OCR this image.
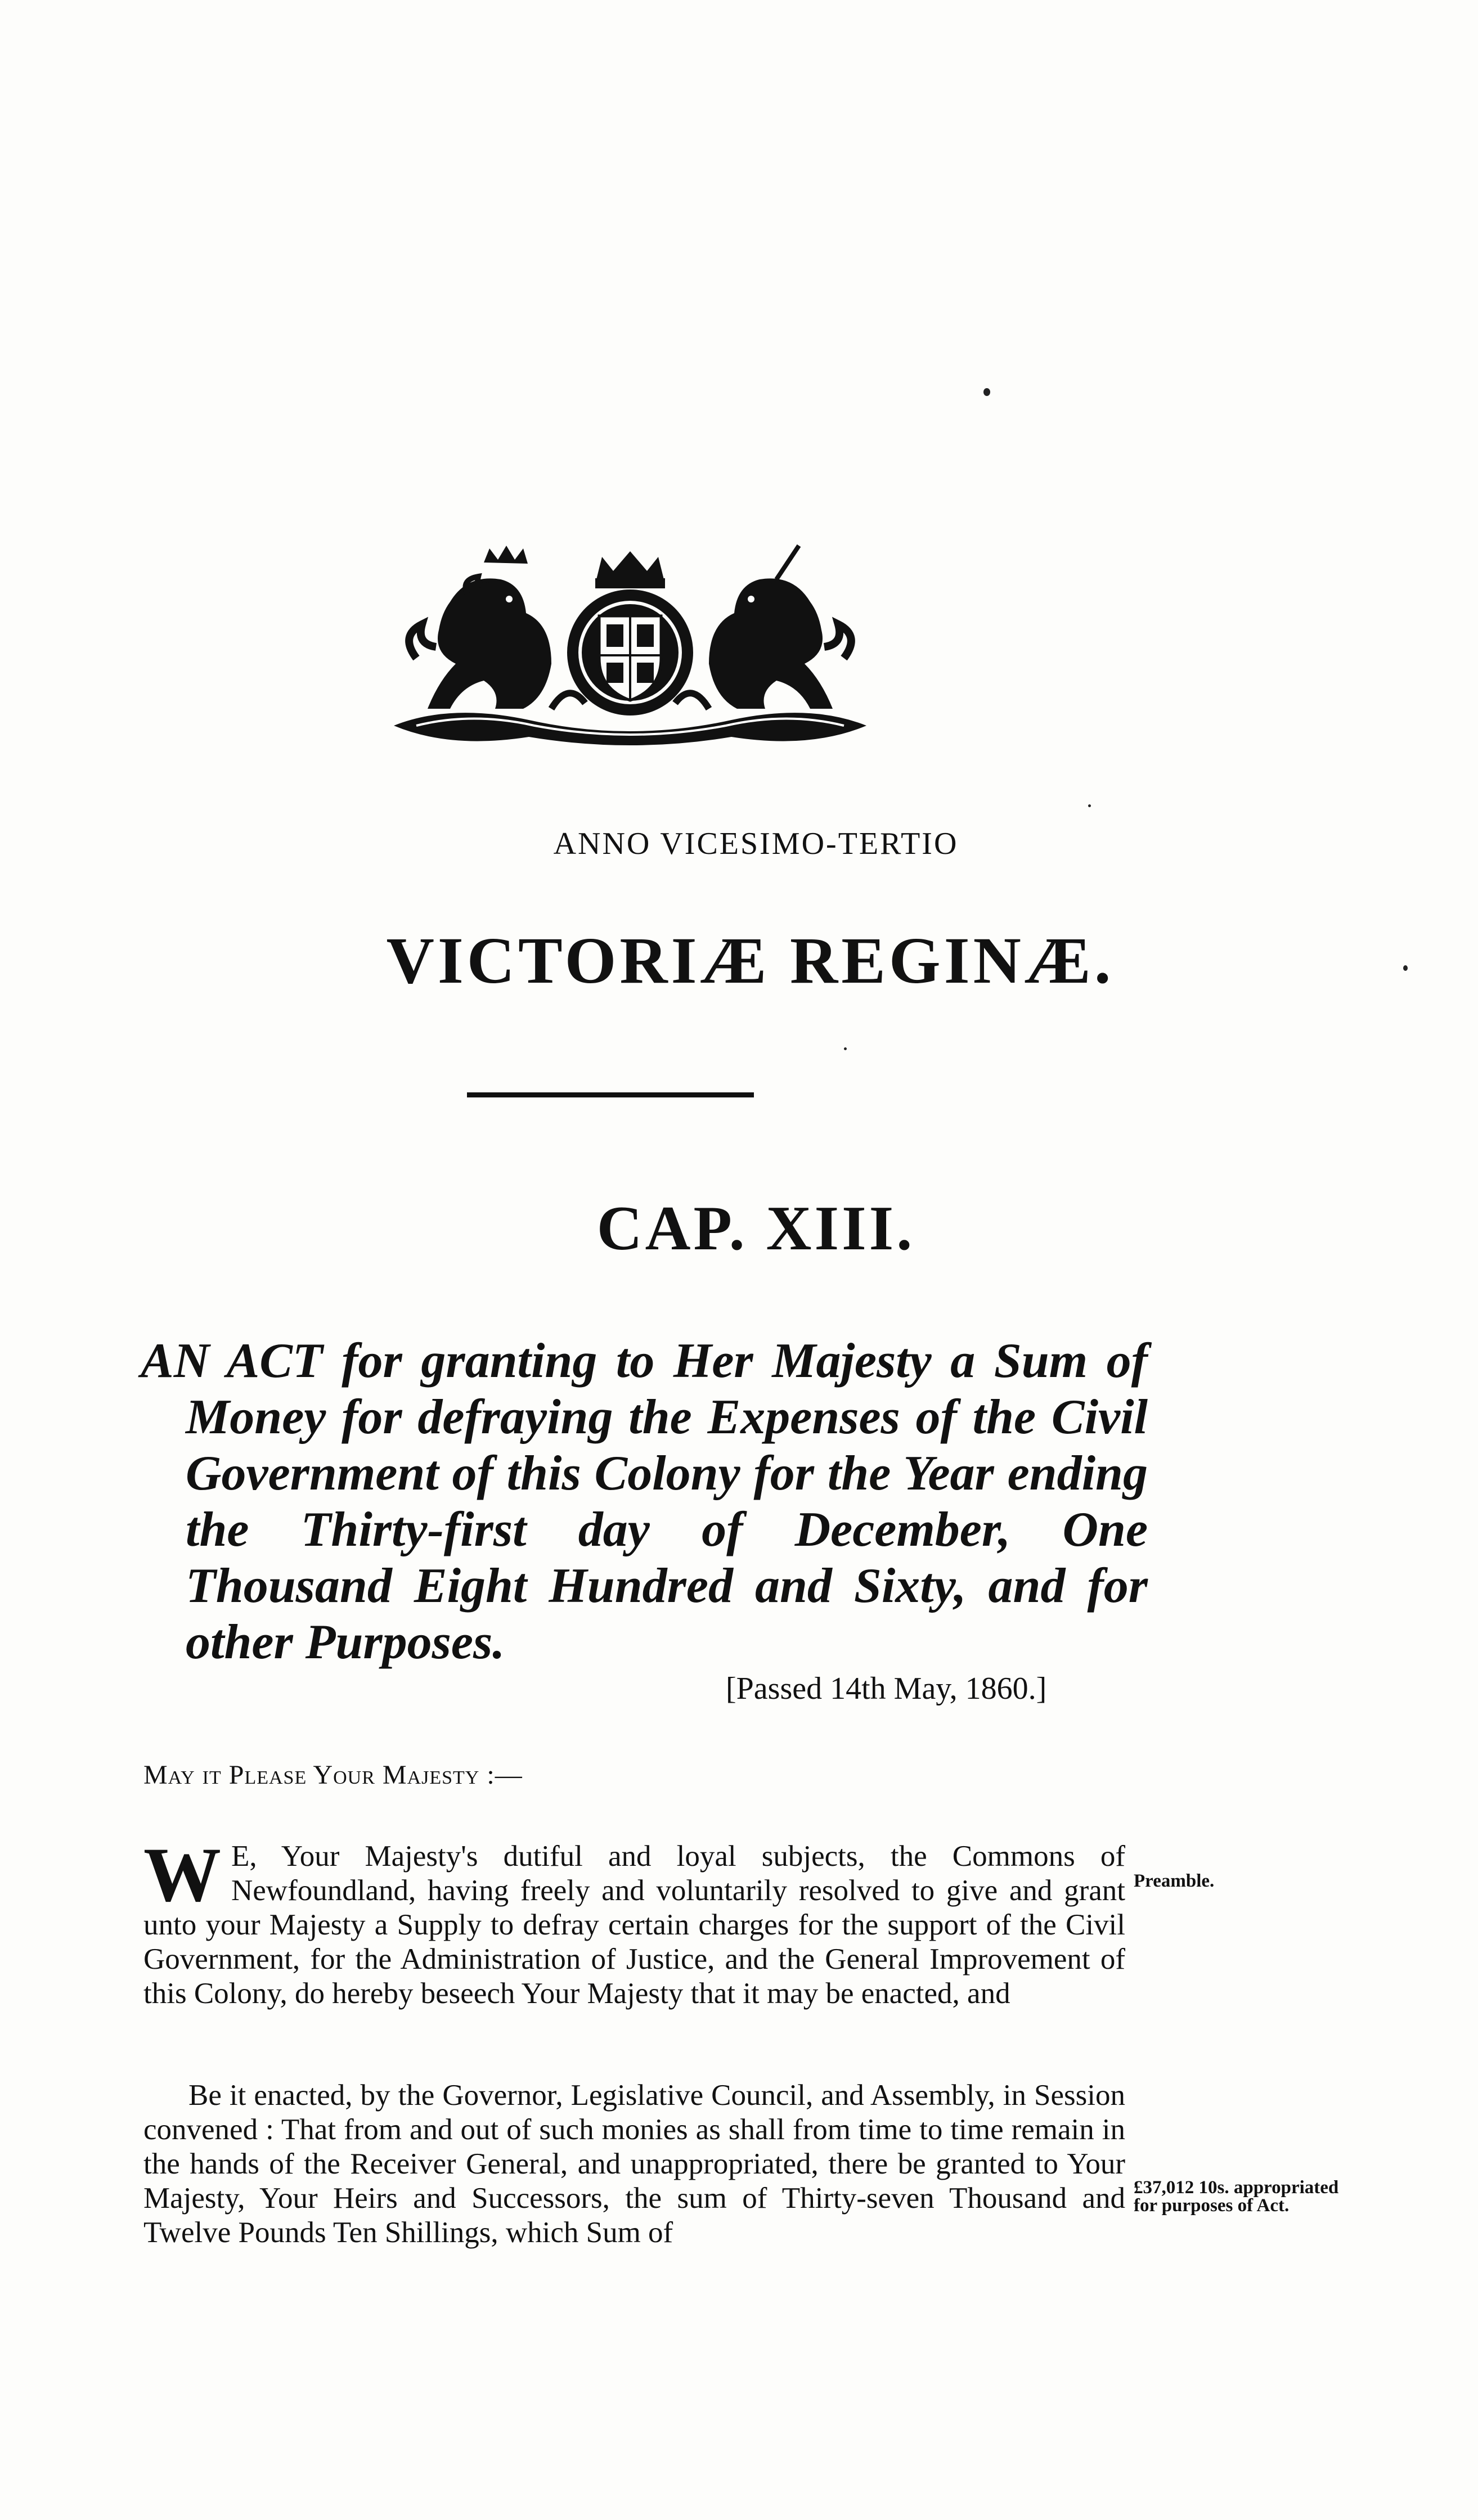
ANNO VICESIMO-TERTIO
VICTORIÆ REGINÆ.
CAP. XIII.
AN ACT for granting to Her Majesty a Sum of Money for defraying the Expenses of the Civil Government of this Colony for the Year ending the Thirty-first day of December, One Thousand Eight Hundred and Sixty, and for other Purposes.
[Passed 14th May, 1860.]
May it Please Your Majesty :—
W E, Your Majesty's dutiful and loyal subjects, the Commons of Newfoundland, having freely and voluntarily resolved to give and grant unto your Majesty a Supply to defray certain charges for the support of the Civil Government, for the Administration of Justice, and the General Improvement of this Colony, do hereby beseech Your Majesty that it may be enacted, and
Preamble.
Be it enacted, by the Governor, Legislative Council, and Assembly, in Session convened : That from and out of such monies as shall from time to time remain in the hands of the Receiver General, and unappropriated, there be granted to Your Majesty, Your Heirs and Successors, the sum of Thirty-seven Thousand and Twelve Pounds Ten Shillings, which Sum of
£37,012 10s. appropriated for purposes of Act.
